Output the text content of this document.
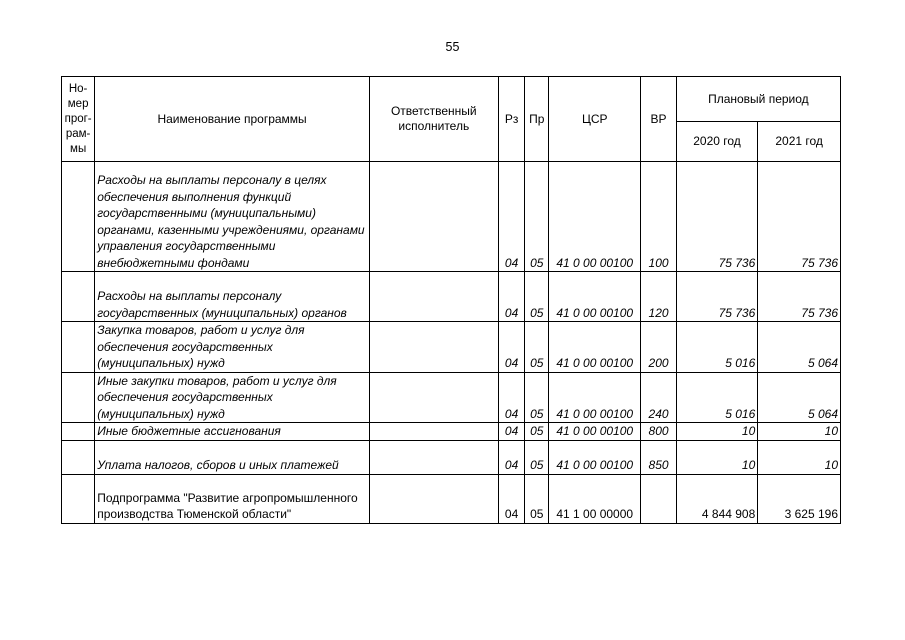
55
Но-мер прог-рам-мы	Наименование программы	Ответственный исполнитель	Рз	Пр	ЦСР	ВР	Плановый период	
							2020 год	2021 год
	Расходы на выплаты персоналу в целях обеспечения выполнения функций государственными (муниципальными) органами, казенными учреждениями, органами управления государственными внебюджетными фондами		04	05	41 0 00 00100	100	75 736	75 736
	Расходы на выплаты персоналу государственных (муниципальных) органов		04	05	41 0 00 00100	120	75 736	75 736
	Закупка товаров, работ и услуг для обеспечения государственных (муниципальных) нужд		04	05	41 0 00 00100	200	5 016	5 064
	Иные закупки товаров, работ и услуг для обеспечения государственных (муниципальных) нужд		04	05	41 0 00 00100	240	5 016	5 064
	Иные бюджетные ассигнования		04	05	41 0 00 00100	800	10	10
	Уплата налогов, сборов и иных платежей		04	05	41 0 00 00100	850	10	10
	Подпрограмма "Развитие агропромышленного производства Тюменской области"		04	05	41 1 00 00000		4 844 908	3 625 196
